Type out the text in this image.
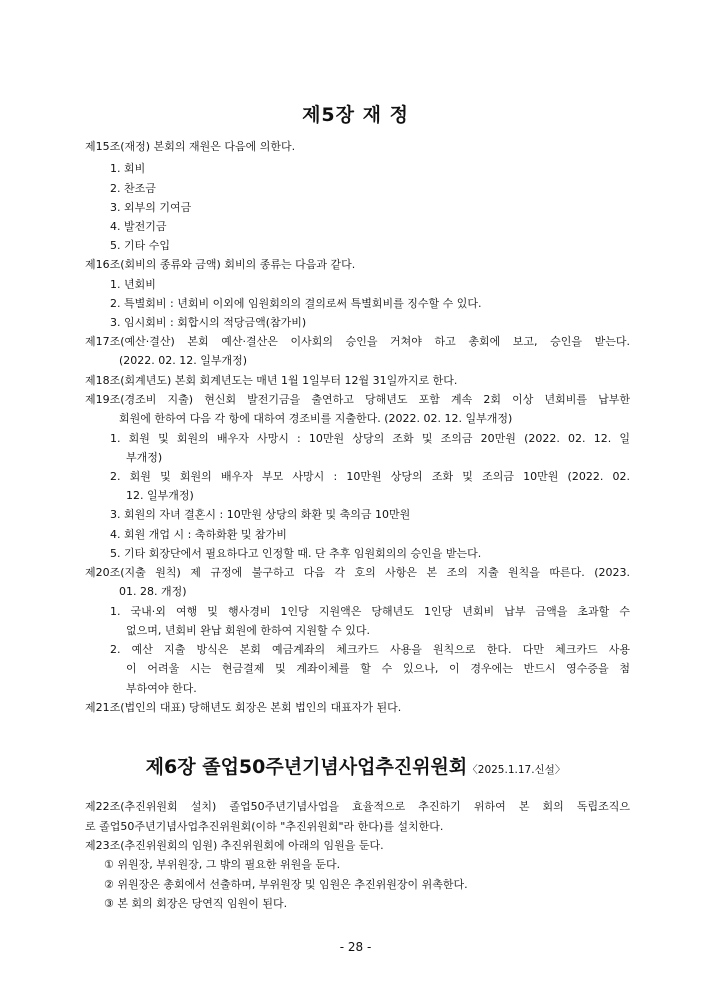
제5장 재 정
제15조(재정) 본회의 재원은 다음에 의한다.
1. 회비
2. 찬조금
3. 외부의 기여금
4. 발전기금
5. 기타 수입
제16조(회비의 종류와 금액) 회비의 종류는 다음과 같다.
1. 년회비
2. 특별회비 : 년회비 이외에 임원회의의 결의로써 특별회비를 징수할 수 있다.
3. 임시회비 : 회합시의 적당금액(참가비)
제17조(예산·결산) 본회 예산·결산은 이사회의 승인을 거쳐야 하고 총회에 보고, 승인을 받는다.
(2022. 02. 12. 일부개정)
제18조(회계년도) 본회 회계년도는 매년 1월 1일부터 12월 31일까지로 한다.
제19조(경조비 지출) 현신회 발전기금을 출연하고 당해년도 포함 계속 2회 이상 년회비를 납부한
회원에 한하여 다음 각 항에 대하여 경조비를 지출한다. (2022. 02. 12. 일부개정)
1. 회원 및 회원의 배우자 사망시 : 10만원 상당의 조화 및 조의금 20만원 (2022. 02. 12. 일
부개정)
2. 회원 및 회원의 배우자 부모 사망시 : 10만원 상당의 조화 및 조의금 10만원 (2022. 02.
12. 일부개정)
3. 회원의 자녀 결혼시 : 10만원 상당의 화환 및 축의금 10만원
4. 회원 개업 시 : 축하화환 및 참가비
5. 기타 회장단에서 필요하다고 인정할 때. 단 추후 임원회의의 승인을 받는다.
제20조(지출 원칙) 제 규정에 불구하고 다음 각 호의 사항은 본 조의 지출 원칙을 따른다. (2023.
01. 28. 개정)
1. 국내·외 여행 및 행사경비 1인당 지원액은 당해년도 1인당 년회비 납부 금액을 초과할 수
없으며, 년회비 완납 회원에 한하여 지원할 수 있다.
2. 예산 지출 방식은 본회 예금계좌의 체크카드 사용을 원칙으로 한다. 다만 체크카드 사용
이 어려울 시는 현금결제 및 계좌이체를 할 수 있으나, 이 경우에는 반드시 영수증을 첨
부하여야 한다.
제21조(법인의 대표) 당해년도 회장은 본회 법인의 대표자가 된다.
제6장 졸업50주년기념사업추진위원회〈2025.1.17.신설〉
제22조(추진위원회 설치) 졸업50주년기념사업을 효율적으로 추진하기 위하여 본 회의 독립조직으
로 졸업50주년기념사업추진위원회(이하 "추진위원회"라 한다)를 설치한다.
제23조(추진위원회의 임원) 추진위원회에 아래의 임원을 둔다.
① 위원장, 부위원장, 그 밖의 필요한 위원을 둔다.
② 위원장은 총회에서 선출하며, 부위원장 및 임원은 추진위원장이 위촉한다.
③ 본 회의 회장은 당연직 임원이 된다.
- 28 -
